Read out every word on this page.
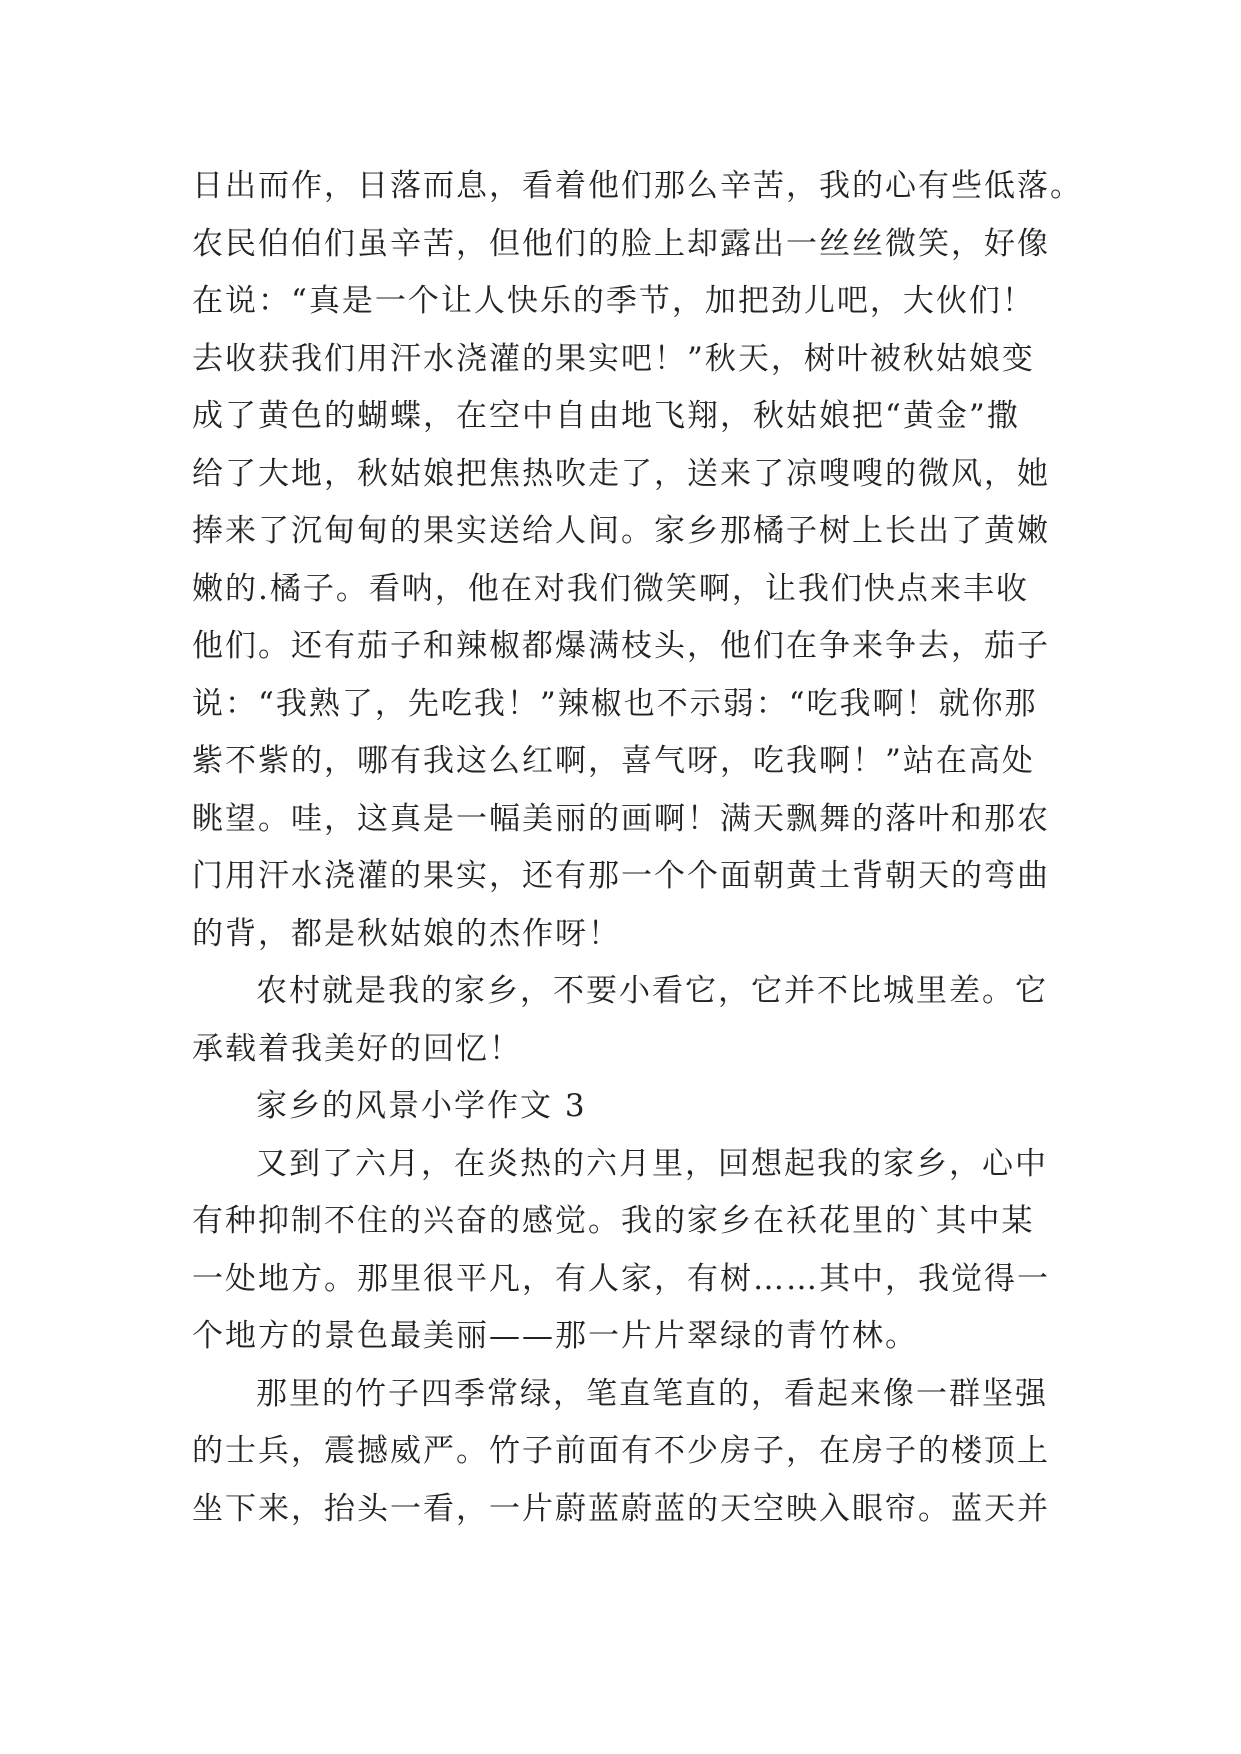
日出而作，日落而息，看着他们那么辛苦，我的心有些低落。
农民伯伯们虽辛苦，但他们的脸上却露出一丝丝微笑，好像
在说：“真是一个让人快乐的季节，加把劲儿吧，大伙们！
去收获我们用汗水浇灌的果实吧！”秋天，树叶被秋姑娘变
成了黄色的蝴蝶，在空中自由地飞翔，秋姑娘把“黄金”撒
给了大地，秋姑娘把焦热吹走了，送来了凉嗖嗖的微风，她
捧来了沉甸甸的果实送给人间。家乡那橘子树上长出了黄嫩
嫩的.橘子。看呐，他在对我们微笑啊，让我们快点来丰收
他们。还有茄子和辣椒都爆满枝头，他们在争来争去，茄子
说：“我熟了，先吃我！”辣椒也不示弱：“吃我啊！就你那
紫不紫的，哪有我这么红啊，喜气呀，吃我啊！”站在高处
眺望。哇，这真是一幅美丽的画啊！满天飘舞的落叶和那农
门用汗水浇灌的果实，还有那一个个面朝黄土背朝天的弯曲
的背，都是秋姑娘的杰作呀！
农村就是我的家乡，不要小看它，它并不比城里差。它
承载着我美好的回忆！
家乡的风景小学作文 3
又到了六月，在炎热的六月里，回想起我的家乡，心中
有种抑制不住的兴奋的感觉。我的家乡在袄花里的`其中某
一处地方。那里很平凡，有人家，有树……其中，我觉得一
个地方的景色最美丽——那一片片翠绿的青竹林。
那里的竹子四季常绿，笔直笔直的，看起来像一群坚强
的士兵，震撼威严。竹子前面有不少房子，在房子的楼顶上
坐下来，抬头一看，一片蔚蓝蔚蓝的天空映入眼帘。蓝天并
